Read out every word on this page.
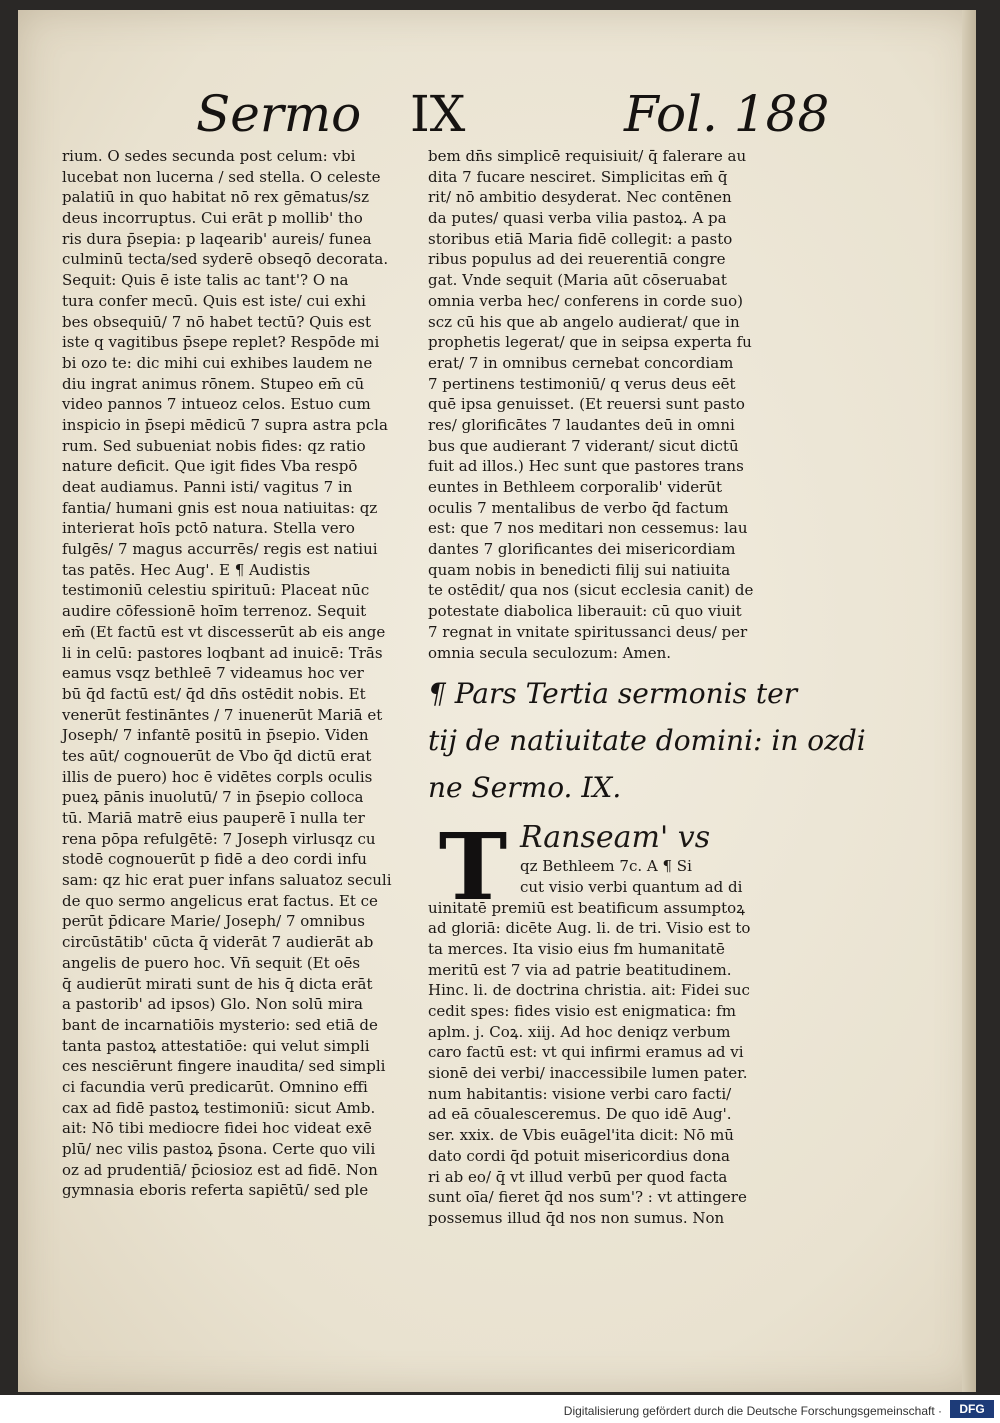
Sermo IX	Fol. 188
rium. O sedes secunda post celum: vbi
lucebat non lucerna / sed stella. O celeste
palatiū in quo habitat nō rex gēmatus/sz
deus incorruptus. Cui erāt p mollib' tho
ris dura p̄sepia: p laqearib' aureis/ funea
culminū tecta/sed syderē obseqō decorata.
Sequit: Quis ē iste talis ac tant'? O na
tura confer mecū. Quis est iste/ cui exhi
bes obsequiū/ 7 nō habet tectū? Quis est
iste q vagitibus p̄sepe replet? Respōde mi
bi ozo te: dic mihi cui exhibes laudem ne
diu ingrat animus rōnem. Stupeo em̄ cū
video pannos 7 intueoz celos. Estuo cum
inspicio in p̄sepi mēdicū 7 supra astra pcla
rum. Sed subueniat nobis fides: qz ratio
nature deficit. Que igit fides Vba respō
deat audiamus. Panni isti/ vagitus 7 in
fantia/ humani gnis est noua natiuitas: qz
interierat hoīs pctō natura. Stella vero
fulgēs/ 7 magus accurrēs/ regis est natiui
tas patēs. Hec Aug'. E ¶ Audistis
testimoniū celestiu spirituū: Placeat nūc
audire cōfessionē hoīm terrenoz. Sequit
em̄ (Et factū est vt discesserūt ab eis ange
li in celū: pastores loqbant ad inuicē: Trās
eamus vsqz bethleē 7 videamus hoc ver
bū q̄d factū est/ q̄d dn̄s ostēdit nobis. Et
venerūt festināntes / 7 inuenerūt Mariā et
Joseph/ 7 infantē positū in p̄sepio. Viden
tes aūt/ cognouerūt de Vbo q̄d dictū erat
illis de puero) hoc ē vidētes corpls oculis
pueꝝ pānis inuolutū/ 7 in p̄sepio colloca
tū. Mariā matrē eius pauperē ī nulla ter
rena pōpa refulgētē: 7 Joseph virlusqz cu
stodē cognouerūt p fidē a deo cordi infu
sam: qz hic erat puer infans saluatoz seculi
de quo sermo angelicus erat factus. Et ce
perūt p̄dicare Marie/ Joseph/ 7 omnibus
circūstātib' cūcta q̄ viderāt 7 audierāt ab
angelis de puero hoc. Vn̄ sequit (Et oēs
q̄ audierūt mirati sunt de his q̄ dicta erāt
a pastorib' ad ipsos) Glo. Non solū mira
bant de incarnatiōis mysterio: sed etiā de
tanta pastoꝝ attestatiōe: qui velut simpli
ces nesciērunt fingere inaudita/ sed simpli
ci facundia verū predicarūt. Omnino effi
cax ad fidē pastoꝝ testimoniū: sicut Amb.
ait: Nō tibi mediocre fidei hoc videat exē
plū/ nec vilis pastoꝝ p̄sona. Certe quo vili
oz ad prudentiā/ p̄ciosioz est ad fidē. Non
gymnasia eboris referta sapiētū/ sed ple
bem dn̄s simplicē requisiuit/ q̄ falerare au
dita 7 fucare nesciret. Simplicitas em̄ q̄
rit/ nō ambitio desyderat. Nec contēnen
da putes/ quasi verba vilia pastoꝝ. A pa
storibus etiā Maria fidē collegit: a pasto
ribus populus ad dei reuerentiā congre
gat. Vnde sequit (Maria aūt cōseruabat
omnia verba hec/ conferens in corde suo)
scz cū his que ab angelo audierat/ que in
prophetis legerat/ que in seipsa experta fu
erat/ 7 in omnibus cernebat concordiam
7 pertinens testimoniū/ q verus deus eēt
quē ipsa genuisset. (Et reuersi sunt pasto
res/ glorificātes 7 laudantes deū in omni
bus que audierant 7 viderant/ sicut dictū
fuit ad illos.) Hec sunt que pastores trans
euntes in Bethleem corporalib' viderūt
oculis 7 mentalibus de verbo q̄d factum
est: que 7 nos meditari non cessemus: lau
dantes 7 glorificantes dei misericordiam
quam nobis in benedicti filij sui natiuita
te ostēdit/ qua nos (sicut ecclesia canit) de
potestate diabolica liberauit: cū quo viuit
7 regnat in vnitate spiritussanci deus/ per
omnia secula seculozum: Amen.
¶ Pars Tertia sermonis ter
tij de natiuitate domini: in ozdi
ne Sermo. IX.
T Ranseam' vs
qz Bethleem 7c. A ¶ Si
cut visio verbi quantum ad di
uinitatē premiū est beatificum assumptoꝝ
ad gloriā: dicēte Aug. li. de tri. Visio est to
ta merces. Ita visio eius fm humanitatē
meritū est 7 via ad patrie beatitudinem.
Hinc. li. de doctrina christia. ait: Fidei suc
cedit spes: fides visio est enigmatica: fm
aplm. j. Coꝝ. xiij. Ad hoc deniqz verbum
caro factū est: vt qui infirmi eramus ad vi
sionē dei verbi/ inaccessibile lumen pater.
num habitantis: visione verbi caro facti/
ad eā cōualesceremus. De quo idē Aug'.
ser. xxix. de Vbis euāgel'ita dicit: Nō mū
dato cordi q̄d potuit misericordius dona
ri ab eo/ q̄ vt illud verbū per quod facta
sunt oīa/ fieret q̄d nos sum'? : vt attingere
possemus illud q̄d nos non sumus. Non
Digitalisierung gefördert durch die Deutsche Forschungsgemeinschaft ·	DFG
